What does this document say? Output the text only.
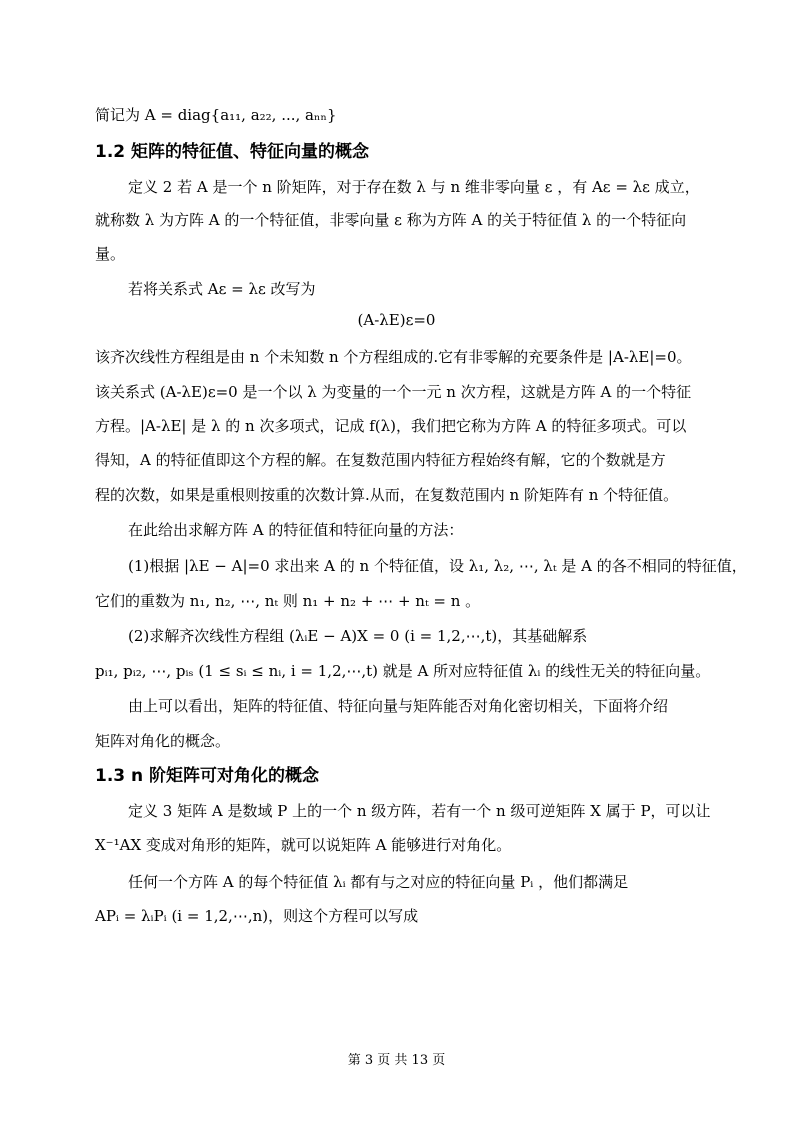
简记为 A = diag{a₁₁, a₂₂, ..., aₙₙ}
1.2 矩阵的特征值、特征向量的概念
定义 2 若 A 是一个 n 阶矩阵，对于存在数 λ 与 n 维非零向量 ε ，有 Aε = λε 成立，
就称数 λ 为方阵 A 的一个特征值，非零向量 ε 称为方阵 A 的关于特征值 λ 的一个特征向
量。
若将关系式 Aε = λε 改写为
(A-λE)ε=0
该齐次线性方程组是由 n 个未知数 n 个方程组成的.它有非零解的充要条件是 |A-λE|=0。
该关系式 (A-λE)ε=0 是一个以 λ 为变量的一个一元 n 次方程，这就是方阵 A 的一个特征
方程。|A-λE| 是 λ 的 n 次多项式，记成 f(λ)，我们把它称为方阵 A 的特征多项式。可以
得知，A 的特征值即这个方程的解。在复数范围内特征方程始终有解，它的个数就是方
程的次数，如果是重根则按重的次数计算.从而，在复数范围内 n 阶矩阵有 n 个特征值。
在此给出求解方阵 A 的特征值和特征向量的方法：
(1)根据 |λE − A|=0 求出来 A 的 n 个特征值，设 λ₁, λ₂, ⋯, λₜ 是 A 的各不相同的特征值，
它们的重数为 n₁, n₂, ⋯, nₜ 则 n₁ + n₂ + ⋯ + nₜ = n 。
(2)求解齐次线性方程组 (λᵢE − A)X = 0 (i = 1,2,⋯,t)，其基础解系
pᵢ₁, pᵢ₂, ⋯, pᵢₛ (1 ≤ sᵢ ≤ nᵢ, i = 1,2,⋯,t) 就是 A 所对应特征值 λᵢ 的线性无关的特征向量。
由上可以看出，矩阵的特征值、特征向量与矩阵能否对角化密切相关，下面将介绍
矩阵对角化的概念。
1.3 n 阶矩阵可对角化的概念
定义 3 矩阵 A 是数域 P 上的一个 n 级方阵，若有一个 n 级可逆矩阵 X 属于 P，可以让
X⁻¹AX 变成对角形的矩阵，就可以说矩阵 A 能够进行对角化。
任何一个方阵 A 的每个特征值 λᵢ 都有与之对应的特征向量 Pᵢ ，他们都满足
APᵢ = λᵢPᵢ (i = 1,2,⋯,n)，则这个方程可以写成
第 3 页 共 13 页
